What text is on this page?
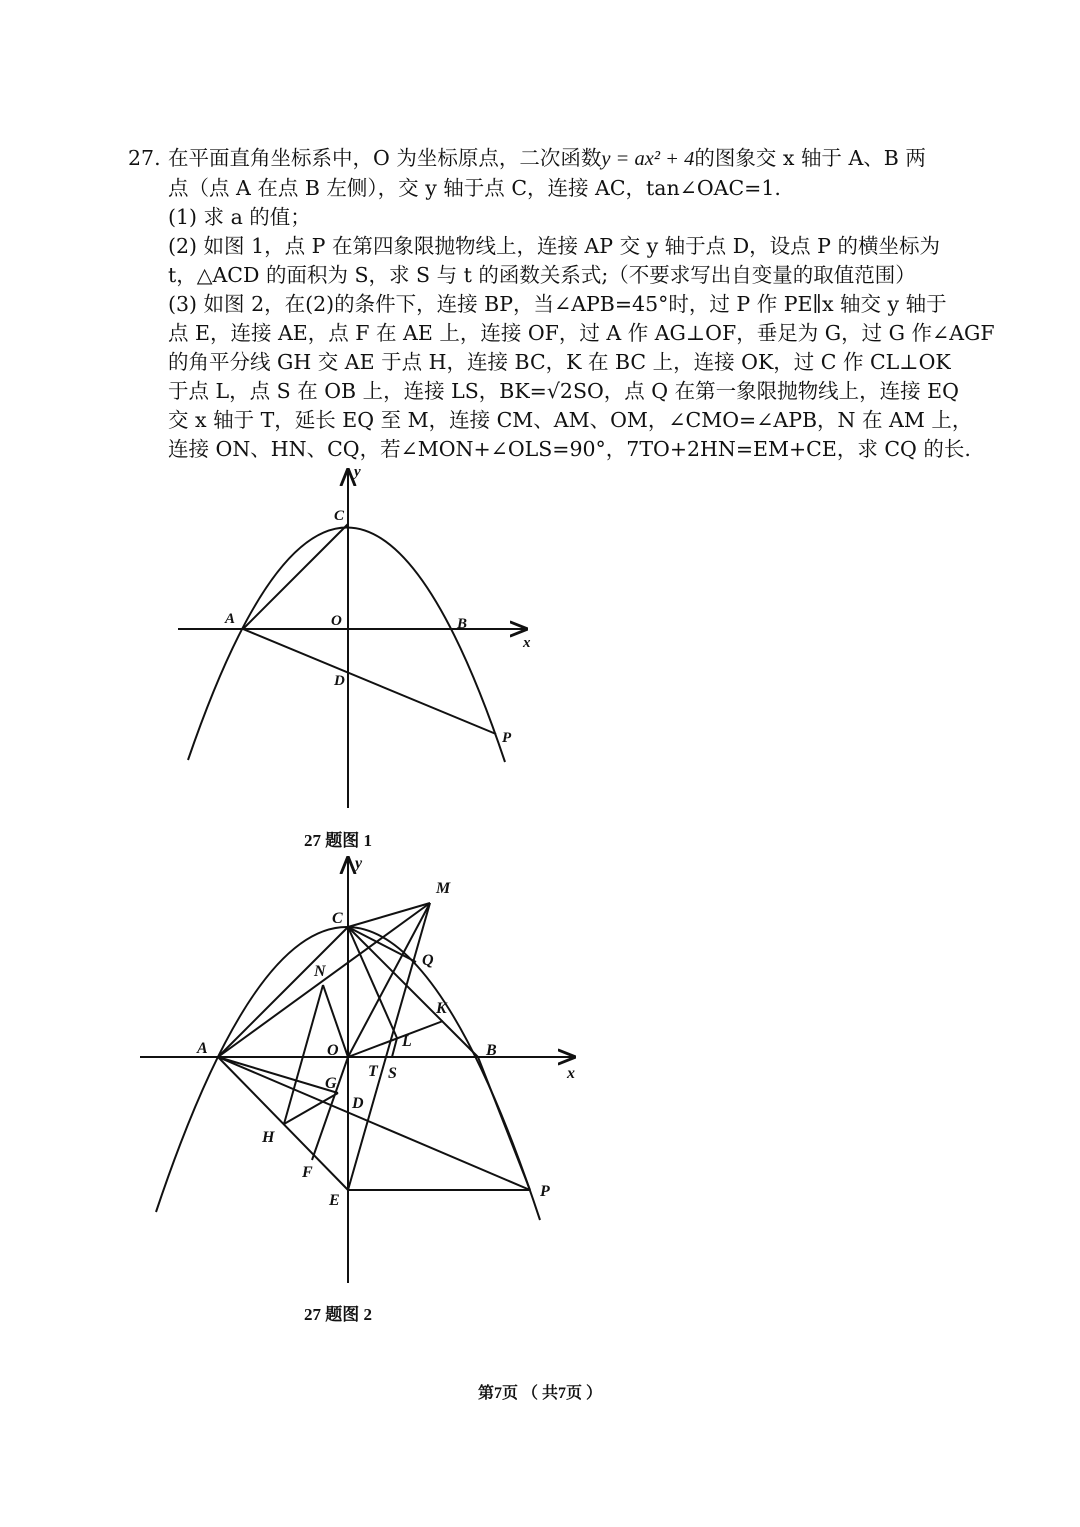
27. 在平面直角坐标系中，O 为坐标原点，二次函数y = ax² + 4的图象交 x 轴于 A、B 两
点（点 A 在点 B 左侧），交 y 轴于点 C，连接 AC，tan∠OAC=1.
(1) 求 a 的值；
(2) 如图 1，点 P 在第四象限抛物线上，连接 AP 交 y 轴于点 D，设点 P 的横坐标为
t，△ACD 的面积为 S，求 S 与 t 的函数关系式;（不要求写出自变量的取值范围）
(3) 如图 2，在(2)的条件下，连接 BP，当∠APB=45°时，过 P 作 PE∥x 轴交 y 轴于
点 E，连接 AE，点 F 在 AE 上，连接 OF，过 A 作 AG⊥OF，垂足为 G，过 G 作∠AGF
的角平分线 GH 交 AE 于点 H，连接 BC，K 在 BC 上，连接 OK，过 C 作 CL⊥OK
于点 L，点 S 在 OB 上，连接 LS，BK=√2SO，点 Q 在第一象限抛物线上，连接 EQ
交 x 轴于 T，延长 EQ 至 M，连接 CM、AM、OM，∠CMO=∠APB，N 在 AM 上，
连接 ON、HN、CQ，若∠MON+∠OLS=90°，7TO+2HN=EM+CE，求 CQ 的长.
y
C
A	O	B
x
D
P
y
M
C
Q
N
K
L
A	O	B
T S	x
G
D
H
F
E
P
27 题图 1
27 题图 2
第7页 （ 共7页 ）
